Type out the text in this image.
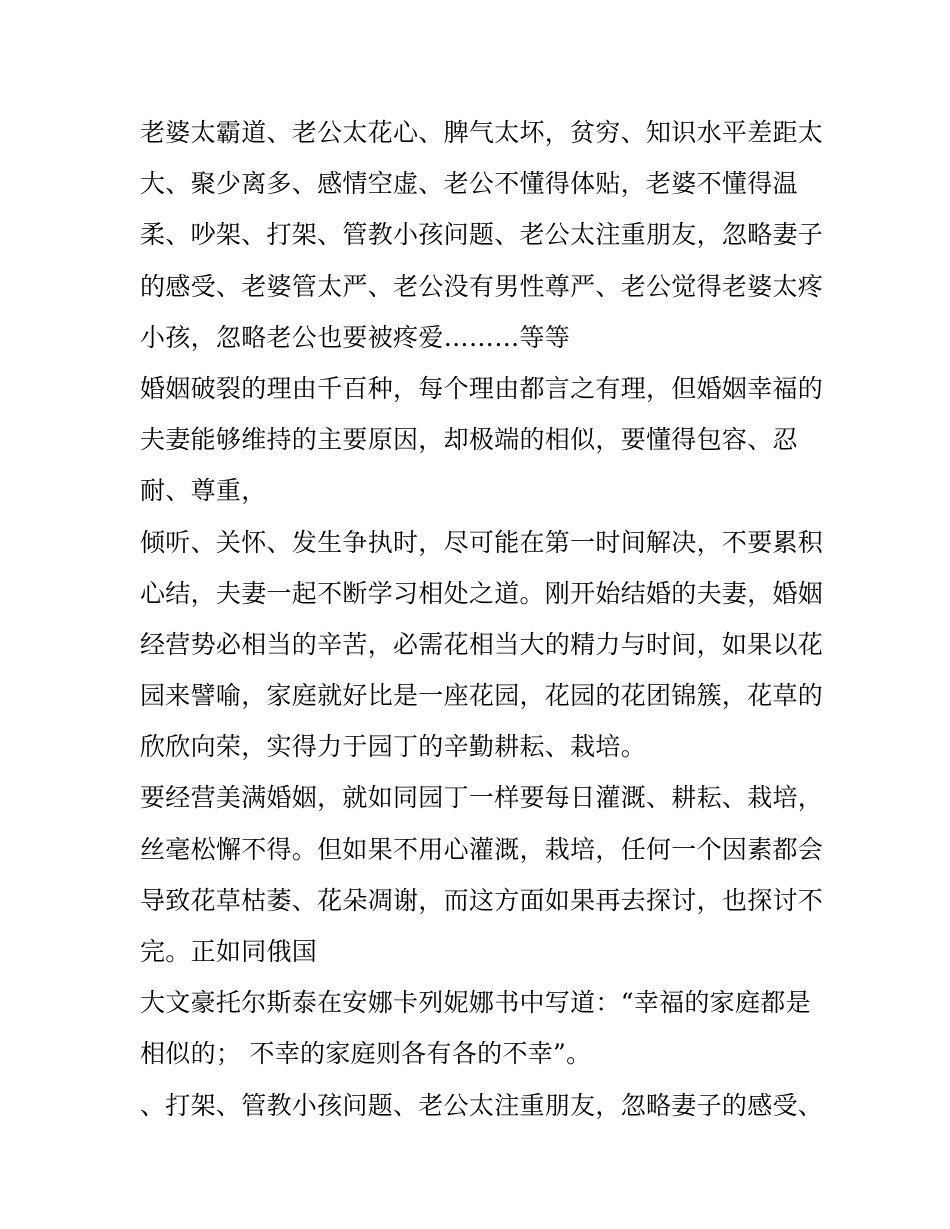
老婆太霸道、老公太花心、脾气太坏，贫穷、知识水平差距太
大、聚少离多、感情空虚、老公不懂得体贴，老婆不懂得温
柔、吵架、打架、管教小孩问题、老公太注重朋友，忽略妻子
的感受、老婆管太严、老公没有男性尊严、老公觉得老婆太疼
小孩，忽略老公也要被疼爱………等等
婚姻破裂的理由千百种，每个理由都言之有理，但婚姻幸福的
夫妻能够维持的主要原因，却极端的相似，要懂得包容、忍
耐、尊重，
倾听、关怀、发生争执时，尽可能在第一时间解决，不要累积
心结，夫妻一起不断学习相处之道。刚开始结婚的夫妻，婚姻
经营势必相当的辛苦，必需花相当大的精力与时间，如果以花
园来譬喻，家庭就好比是一座花园，花园的花团锦簇，花草的
欣欣向荣，实得力于园丁的辛勤耕耘、栽培。
要经营美满婚姻，就如同园丁一样要每日灌溉、耕耘、栽培，
丝毫松懈不得。但如果不用心灌溉，栽培，任何一个因素都会
导致花草枯萎、花朵凋谢，而这方面如果再去探讨，也探讨不
完。正如同俄国
大文豪托尔斯泰在安娜卡列妮娜书中写道：“幸福的家庭都是
相似的； 不幸的家庭则各有各的不幸”。
、打架、管教小孩问题、老公太注重朋友，忽略妻子的感受、
